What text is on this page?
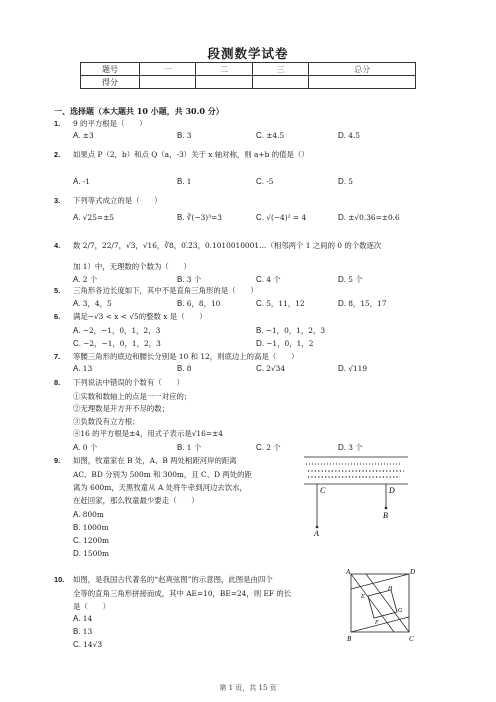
段测数学试卷
题号	一	二	三	总分
得分				
一、选择题（本大题共 10 小题，共 30.0 分）
1. 9 的平方根是（　　）
A. ±3	B. 3	C. ±4.5	D. 4.5
2. 如果点 P（2，b）和点 Q（a，-3）关于 x 轴对称，则 a+b 的值是（）
A. -1	B. 1	C. -5	D. 5
3. 下列等式成立的是（　　）
A. √25=±5	B. ∛(−3)³=3	C. √(−4)² = 4	D. ±√0.36=±0.6
4. 数 2/7，22/7，√3，√16，∛8，0.̇2̇3，0.1010010001…（相邻两个 1 之间的 0 的个数逐次
加 1）中，无理数的个数为（　　）
A. 2 个	B. 3 个	C. 4 个	D. 5 个
5. 三角形各边长度如下，其中不是直角三角形的是（　　）
A. 3，4，5	B. 6，8，10	C. 5，11，12	D. 8，15，17
6. 满足−√3 < x < √5的整数 x 是（　　）
A. −2，−1，0，1，2，3	B. −1，0，1，2，3
C. −2，−1，0，1，2，3	D. −1，0，1，2
7. 等腰三角形的底边和腰长分别是 10 和 12，则底边上的高是（　　）
A. 13	B. 8	C. 2√34	D. √119
8. 下列说法中错误的个数有（　　）
①实数和数轴上的点是一一对应的；
②无理数是开方开不尽的数；
③负数没有立方根；
④16 的平方根是±4，用式子表示是√16=±4
A. 0 个	B. 1 个	C. 2 个	D. 3 个
9. 如图，牧童家在 B 处，A、B 两处相距河岸的距离
AC、BD 分别为 500m 和 300m，且 C、D 两处的距
离为 600m，天黑牧童从 A 处将牛牵到河边去饮水，
在赶回家，那么牧童最少要走（　　）
A. 800m
B. 1000m
C. 1200m
D. 1500m
C	D
B
A
10. 如图，是我国古代著名的“赵爽弦图”的示意图，此图是由四个
全等的直角三角形拼接而成，其中 AE=10，BE=24，则 EF 的长
是（　　）
A. 14
B. 13
C. 14√3
A	D
H
E
G
F
B	C
第 1 页，共 15 页
